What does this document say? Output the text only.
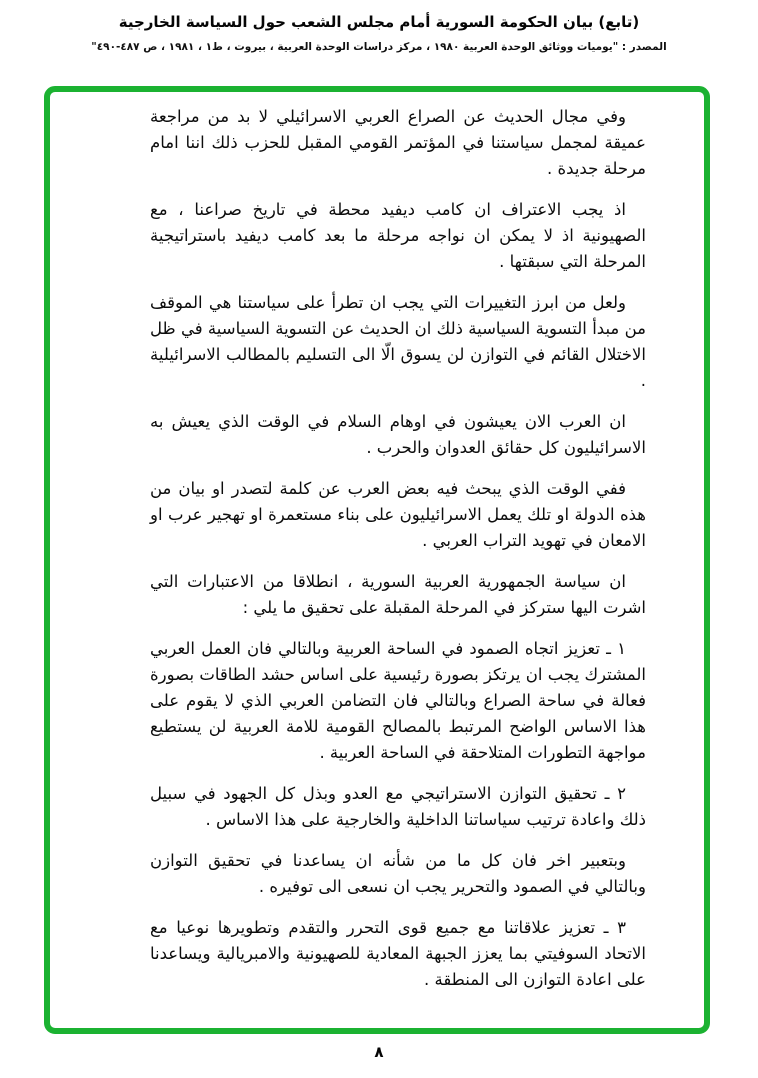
(تابع) بيان الحكومة السورية أمام مجلس الشعب حول السياسة الخارجية
المصدر : "يوميات ووثائق الوحدة العربية ١٩٨٠ ، مركز دراسات الوحدة العربية ، بيروت ، ط١ ، ١٩٨١ ، ص ٤٨٧-٤٩٠"

وفي مجال الحديث عن الصراع العربي الاسرائيلي لا بد من مراجعة عميقة لمجمل سياستنا في المؤتمر القومي المقبل للحزب ذلك اننا امام مرحلة جديدة .

اذ يجب الاعتراف ان كامب ديفيد محطة في تاريخ صراعنا ، مع الصهيونية اذ لا يمكن ان نواجه مرحلة ما بعد كامب ديفيد باستراتيجية المرحلة التي سبقتها .

ولعل من ابرز التغييرات التي يجب ان تطرأ على سياستنا هي الموقف من مبدأ التسوية السياسية ذلك ان الحديث عن التسوية السياسية في ظل الاختلال القائم في التوازن لن يسوق الّا الى التسليم بالمطالب الاسرائيلية .

ان العرب الان يعيشون في اوهام السلام في الوقت الذي يعيش به الاسرائيليون كل حقائق العدوان والحرب .

ففي الوقت الذي يبحث فيه بعض العرب عن كلمة لتصدر او بيان من هذه الدولة او تلك يعمل الاسرائيليون على بناء مستعمرة او تهجير عرب او الامعان في تهويد التراب العربي .

ان سياسة الجمهورية العربية السورية ، انطلاقا من الاعتبارات التي اشرت اليها ستركز في المرحلة المقبلة على تحقيق ما يلي :

١ ـ تعزيز اتجاه الصمود في الساحة العربية وبالتالي فان العمل العربي المشترك يجب ان يرتكز بصورة رئيسية على اساس حشد الطاقات بصورة فعالة في ساحة الصراع وبالتالي فان التضامن العربي الذي لا يقوم على هذا الاساس الواضح المرتبط بالمصالح القومية للامة العربية لن يستطيع مواجهة التطورات المتلاحقة في الساحة العربية .

٢ ـ تحقيق التوازن الاستراتيجي مع العدو وبذل كل الجهود في سبيل ذلك واعادة ترتيب سياساتنا الداخلية والخارجية على هذا الاساس .

وبتعبير اخر فان كل ما من شأنه ان يساعدنا في تحقيق التوازن وبالتالي في الصمود والتحرير يجب ان نسعى الى توفيره .

٣ ـ تعزيز علاقاتنا مع جميع قوى التحرر والتقدم وتطويرها نوعيا مع الاتحاد السوفيتي بما يعزز الجبهة المعادية للصهيونية والامبريالية ويساعدنا على اعادة التوازن الى المنطقة .

٨
